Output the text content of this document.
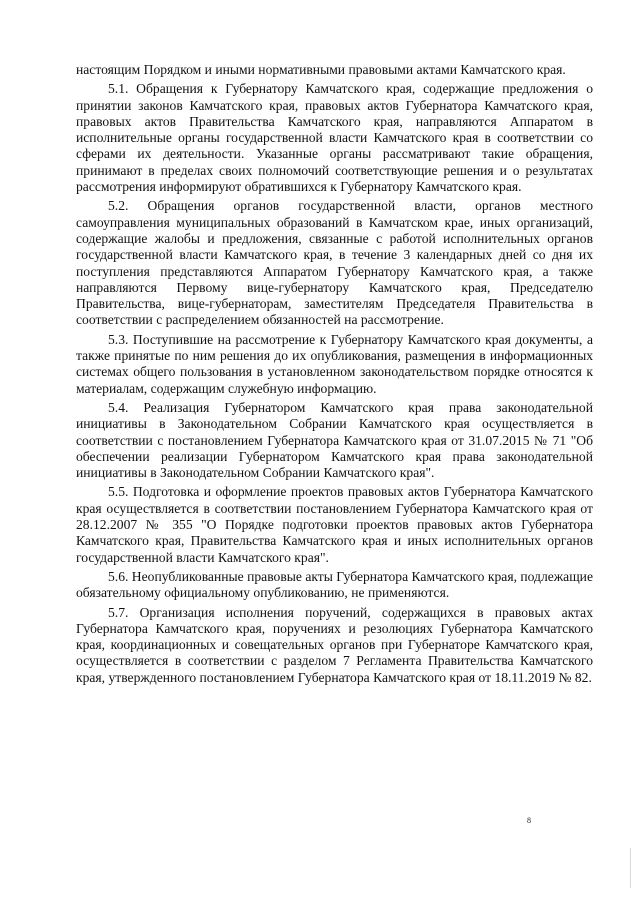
настоящим Порядком и иными нормативными правовыми актами Камчатского края.

5.1. Обращения к Губернатору Камчатского края, содержащие предложения о принятии законов Камчатского края, правовых актов Губернатора Камчатского края, правовых актов Правительства Камчатского края, направляются Аппаратом в исполнительные органы государственной власти Камчатского края в соответствии со сферами их деятельности. Указанные органы рассматривают такие обращения, принимают в пределах своих полномочий соответствующие решения и о результатах рассмотрения информируют обратившихся к Губернатору Камчатского края.

5.2. Обращения органов государственной власти, органов местного самоуправления муниципальных образований в Камчатском крае, иных организаций, содержащие жалобы и предложения, связанные с работой исполнительных органов государственной власти Камчатского края, в течение 3 календарных дней со дня их поступления представляются Аппаратом Губернатору Камчатского края, а также направляются Первому вице-губернатору Камчатского края, Председателю Правительства, вице-губернаторам, заместителям Председателя Правительства в соответствии с распределением обязанностей на рассмотрение.

5.3. Поступившие на рассмотрение к Губернатору Камчатского края документы, а также принятые по ним решения до их опубликования, размещения в информационных системах общего пользования в установленном законодательством порядке относятся к материалам, содержащим служебную информацию.

5.4. Реализация Губернатором Камчатского края права законодательной инициативы в Законодательном Собрании Камчатского края осуществляется в соответствии с постановлением Губернатора Камчатского края от 31.07.2015 № 71 "Об обеспечении реализации Губернатором Камчатского края права законодательной инициативы в Законодательном Собрании Камчатского края".

5.5. Подготовка и оформление проектов правовых актов Губернатора Камчатского края осуществляется в соответствии постановлением Губернатора Камчатского края от 28.12.2007 № 355 "О Порядке подготовки проектов правовых актов Губернатора Камчатского края, Правительства Камчатского края и иных исполнительных органов государственной власти Камчатского края".

5.6. Неопубликованные правовые акты Губернатора Камчатского края, подлежащие обязательному официальному опубликованию, не применяются.

5.7. Организация исполнения поручений, содержащихся в правовых актах Губернатора Камчатского края, поручениях и резолюциях Губернатора Камчатского края, координационных и совещательных органов при Губернаторе Камчатского края, осуществляется в соответствии с разделом 7 Регламента Правительства Камчатского края, утвержденного постановлением Губернатора Камчатского края от 18.11.2019 № 82.

8
